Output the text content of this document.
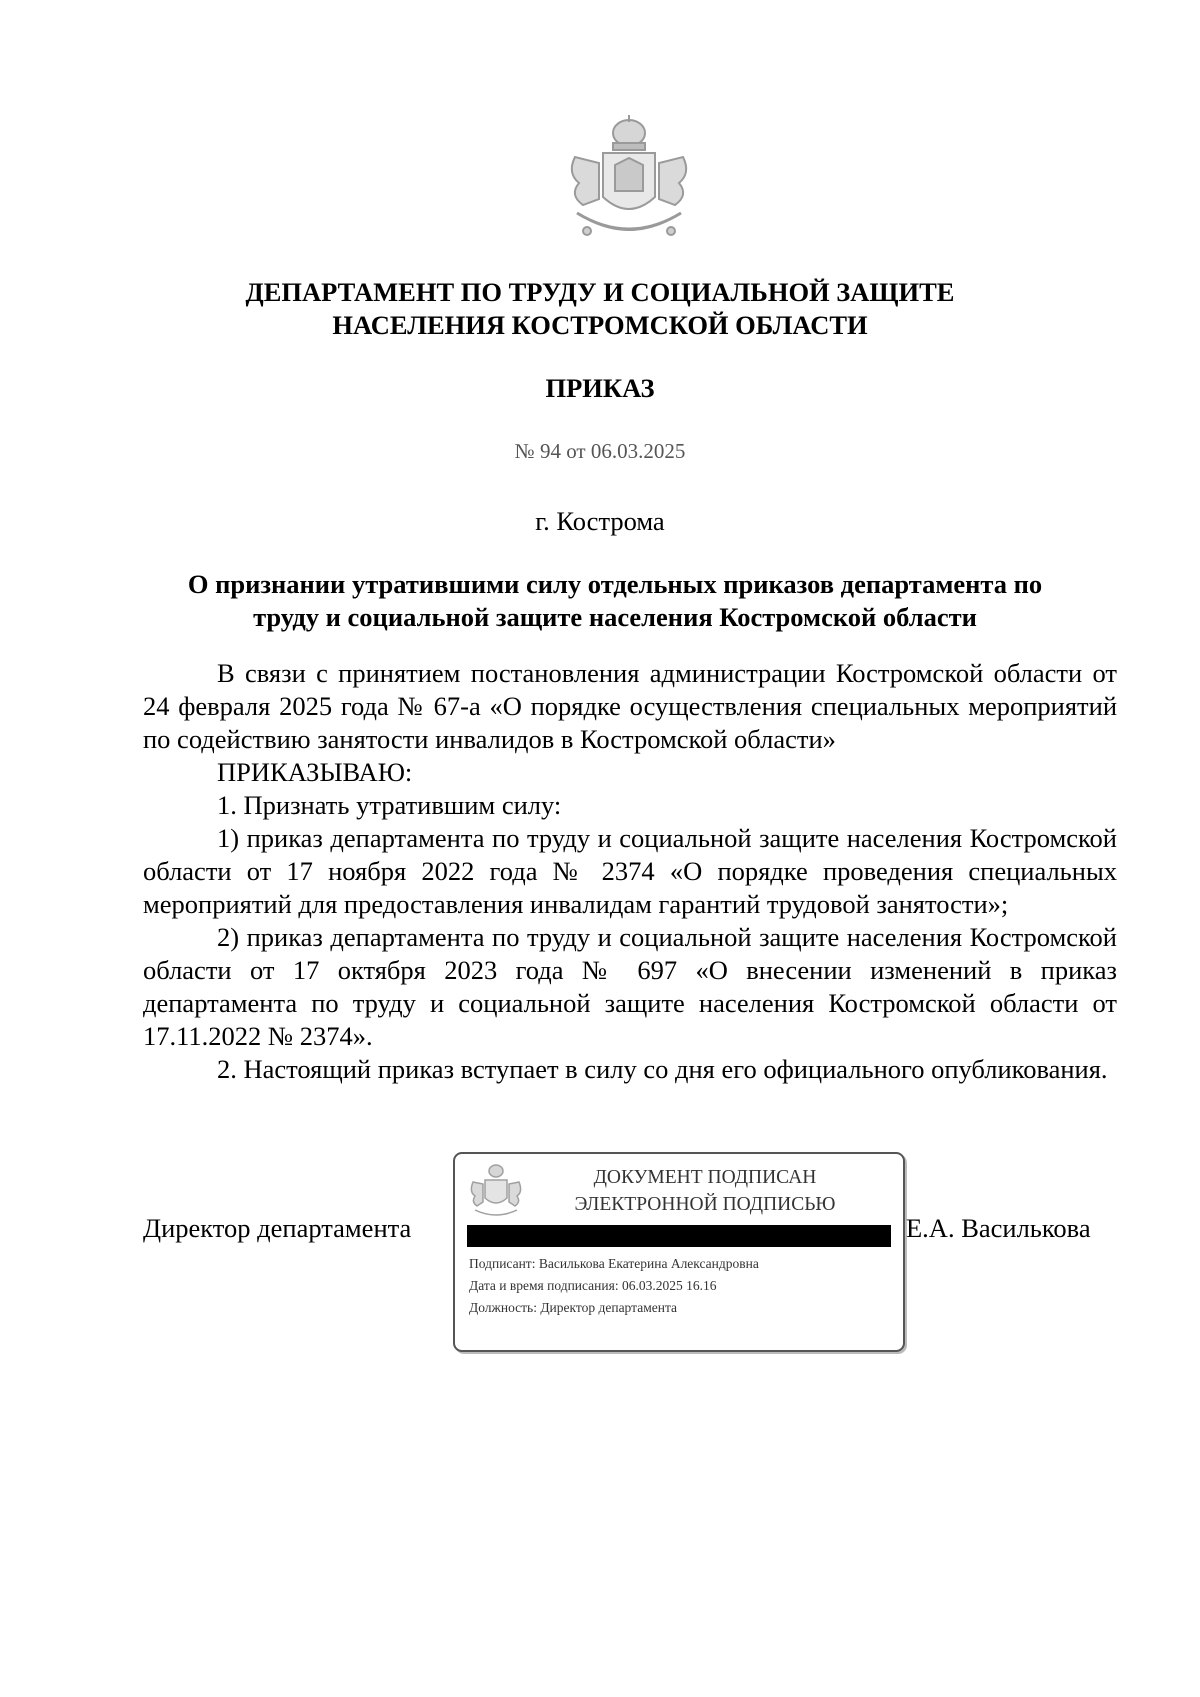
ДЕПАРТАМЕНТ ПО ТРУДУ И СОЦИАЛЬНОЙ ЗАЩИТЕ
НАСЕЛЕНИЯ КОСТРОМСКОЙ ОБЛАСТИ
ПРИКАЗ
№ 94 от 06.03.2025
г. Кострома
О признании утратившими силу отдельных приказов департамента по
труду и социальной защите населения Костромской области

В связи с принятием постановления администрации Костромской области от 24 февраля 2025 года № 67-а «О порядке осуществления специальных мероприятий по содействию занятости инвалидов в Костромской области»

ПРИКАЗЫВАЮ:

1. Признать утратившим силу:

1) приказ департамента по труду и социальной защите населения Костромской области от 17 ноября 2022 года № 2374 «О порядке проведения специальных мероприятий для предоставления инвалидам гарантий трудовой занятости»;

2) приказ департамента по труду и социальной защите населения Костромской области от 17 октября 2023 года № 697 «О внесении изменений в приказ департамента по труду и социальной защите населения Костромской области от 17.11.2022 № 2374».

2. Настоящий приказ вступает в силу со дня его официального опубликования.

Директор департамента
ДОКУМЕНТ ПОДПИСАН
ЭЛЕКТРОННОЙ ПОДПИСЬЮ
Подписант: Василькова Екатерина Александровна
Дата и время подписания: 06.03.2025 16.16
Должность: Директор департамента
Е.А. Василькова
